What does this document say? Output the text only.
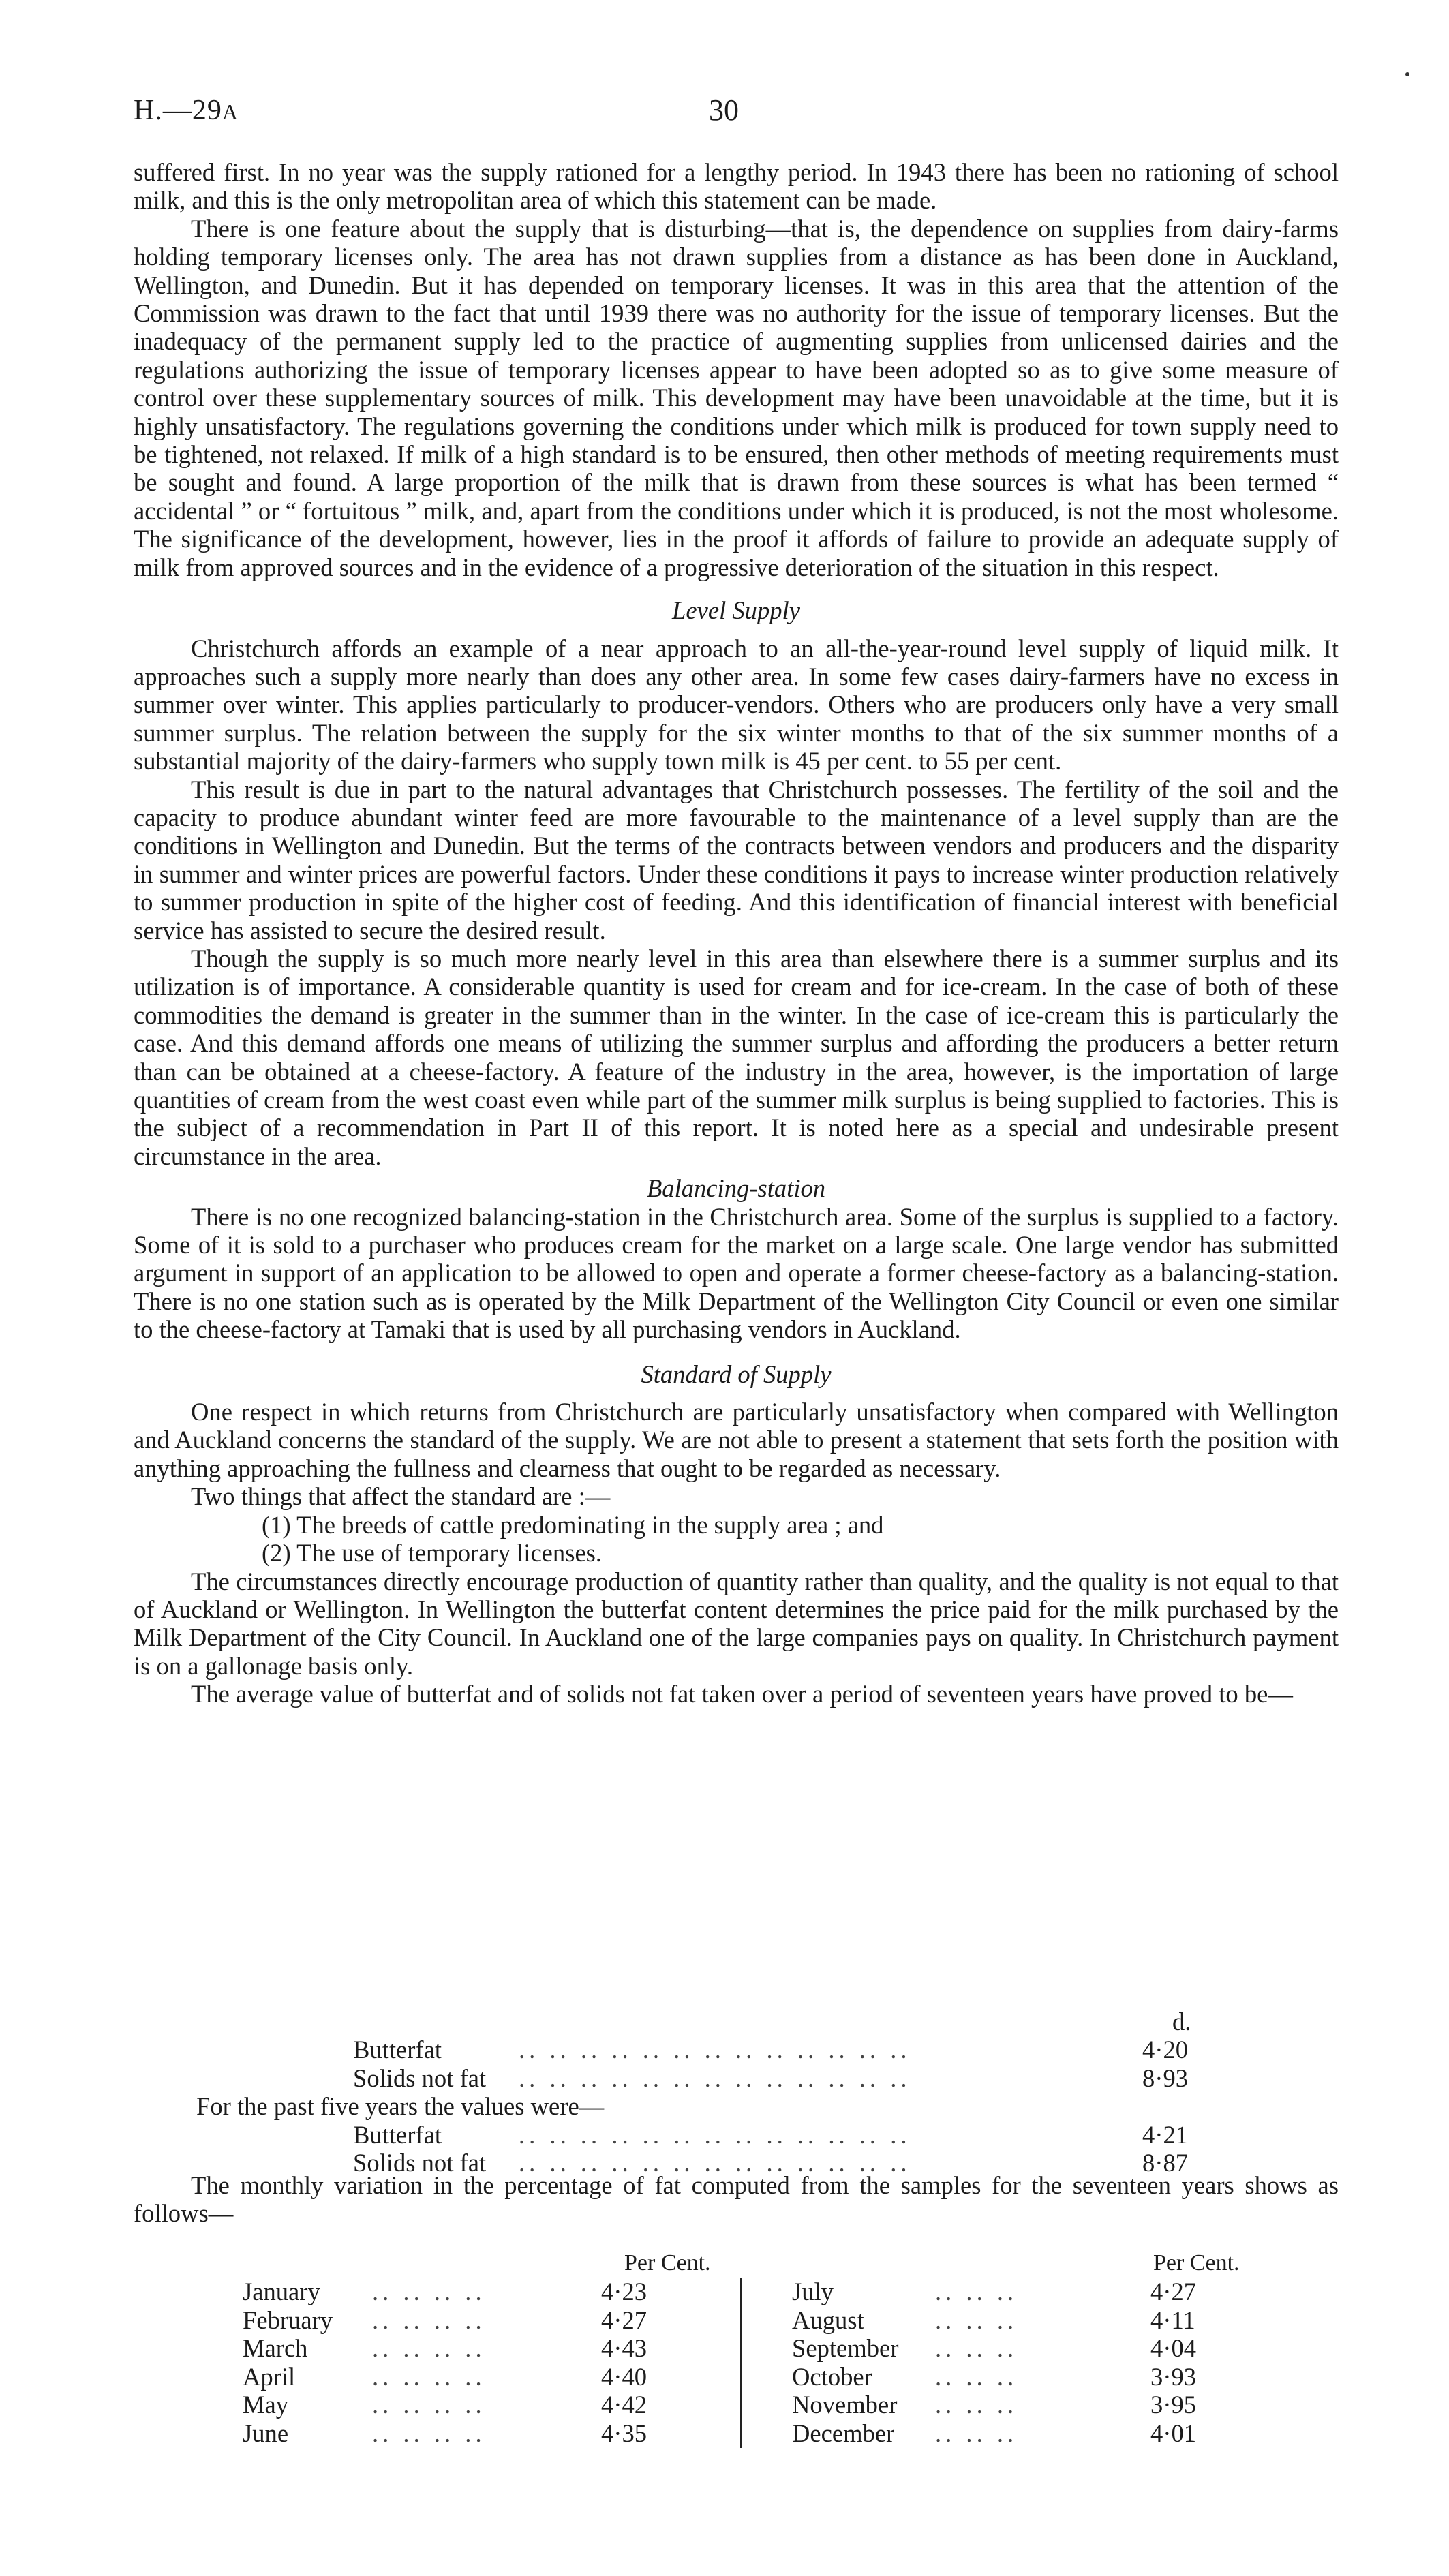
H.—29A	30

suffered first. In no year was the supply rationed for a lengthy period. In 1943 there has been no rationing of school milk, and this is the only metropolitan area of which this statement can be made.

There is one feature about the supply that is disturbing—that is, the dependence on supplies from dairy-farms holding temporary licenses only. The area has not drawn supplies from a distance as has been done in Auckland, Wellington, and Dunedin. But it has depended on temporary licenses. It was in this area that the attention of the Commission was drawn to the fact that until 1939 there was no authority for the issue of temporary licenses. But the inadequacy of the permanent supply led to the practice of augmenting supplies from unlicensed dairies and the regulations authorizing the issue of temporary licenses appear to have been adopted so as to give some measure of control over these supplementary sources of milk. This development may have been unavoidable at the time, but it is highly unsatisfactory. The regulations governing the conditions under which milk is produced for town supply need to be tightened, not relaxed. If milk of a high standard is to be ensured, then other methods of meeting requirements must be sought and found. A large proportion of the milk that is drawn from these sources is what has been termed “ accidental ” or “ fortuitous ” milk, and, apart from the conditions under which it is produced, is not the most wholesome. The significance of the development, however, lies in the proof it affords of failure to provide an adequate supply of milk from approved sources and in the evidence of a progressive deterioration of the situation in this respect.

Level Supply

Christchurch affords an example of a near approach to an all-the-year-round level supply of liquid milk. It approaches such a supply more nearly than does any other area. In some few cases dairy-farmers have no excess in summer over winter. This applies particularly to producer-vendors. Others who are producers only have a very small summer surplus. The relation between the supply for the six winter months to that of the six summer months of a substantial majority of the dairy-farmers who supply town milk is 45 per cent. to 55 per cent.

This result is due in part to the natural advantages that Christchurch possesses. The fertility of the soil and the capacity to produce abundant winter feed are more favourable to the maintenance of a level supply than are the conditions in Wellington and Dunedin. But the terms of the contracts between vendors and producers and the disparity in summer and winter prices are powerful factors. Under these conditions it pays to increase winter production relatively to summer production in spite of the higher cost of feeding. And this identification of financial interest with beneficial service has assisted to secure the desired result.

Though the supply is so much more nearly level in this area than elsewhere there is a summer surplus and its utilization is of importance. A considerable quantity is used for cream and for ice-cream. In the case of both of these commodities the demand is greater in the summer than in the winter. In the case of ice-cream this is particularly the case. And this demand affords one means of utilizing the summer surplus and affording the producers a better return than can be obtained at a cheese-factory. A feature of the industry in the area, however, is the importation of large quantities of cream from the west coast even while part of the summer milk surplus is being supplied to factories. This is the subject of a recommendation in Part II of this report. It is noted here as a special and undesirable present circumstance in the area.

Balancing-station

There is no one recognized balancing-station in the Christchurch area. Some of the surplus is supplied to a factory. Some of it is sold to a purchaser who produces cream for the market on a large scale. One large vendor has submitted argument in support of an application to be allowed to open and operate a former cheese-factory as a balancing-station. There is no one station such as is operated by the Milk Department of the Wellington City Council or even one similar to the cheese-factory at Tamaki that is used by all purchasing vendors in Auckland.

Standard of Supply

One respect in which returns from Christchurch are particularly unsatisfactory when compared with Wellington and Auckland concerns the standard of the supply. We are not able to present a statement that sets forth the position with anything approaching the fullness and clearness that ought to be regarded as necessary.

Two things that affect the standard are :—

(1) The breeds of cattle predominating in the supply area ; and

(2) The use of temporary licenses.

The circumstances directly encourage production of quantity rather than quality, and the quality is not equal to that of Auckland or Wellington. In Wellington the butterfat content determines the price paid for the milk purchased by the Milk Department of the City Council. In Auckland one of the large companies pays on quality. In Christchurch payment is on a gallonage basis only.

The average value of butterfat and of solids not fat taken over a period of seventeen years have proved to be—

d.
Butterfat	.. .. .. .. .. .. .. .. .. .. .. .. ..	4·20
Solids not fat .. .. .. .. .. .. .. .. .. .. .. .. ..	8·93
For the past five years the values were—
Butterfat	.. .. .. .. .. .. .. .. .. .. .. .. ..	4·21
Solids not fat .. .. .. .. .. .. .. .. .. .. .. .. ..	8·87

The monthly variation in the percentage of fat computed from the samples for the seventeen years shows as follows—

Per Cent.	Per Cent.
January .. .. .. ..	4·23
February .. .. .. ..	4·27
March	.. .. .. ..	4·43
April	.. .. .. ..	4·40
May	.. .. .. ..	4·42
June	.. .. .. ..	4·35
July	.. .. ..	4·27
August	.. .. ..	4·11
September .. .. ..	4·04
October	.. .. ..	3·93
November .. .. ..	3·95
December .. .. ..	4·01
